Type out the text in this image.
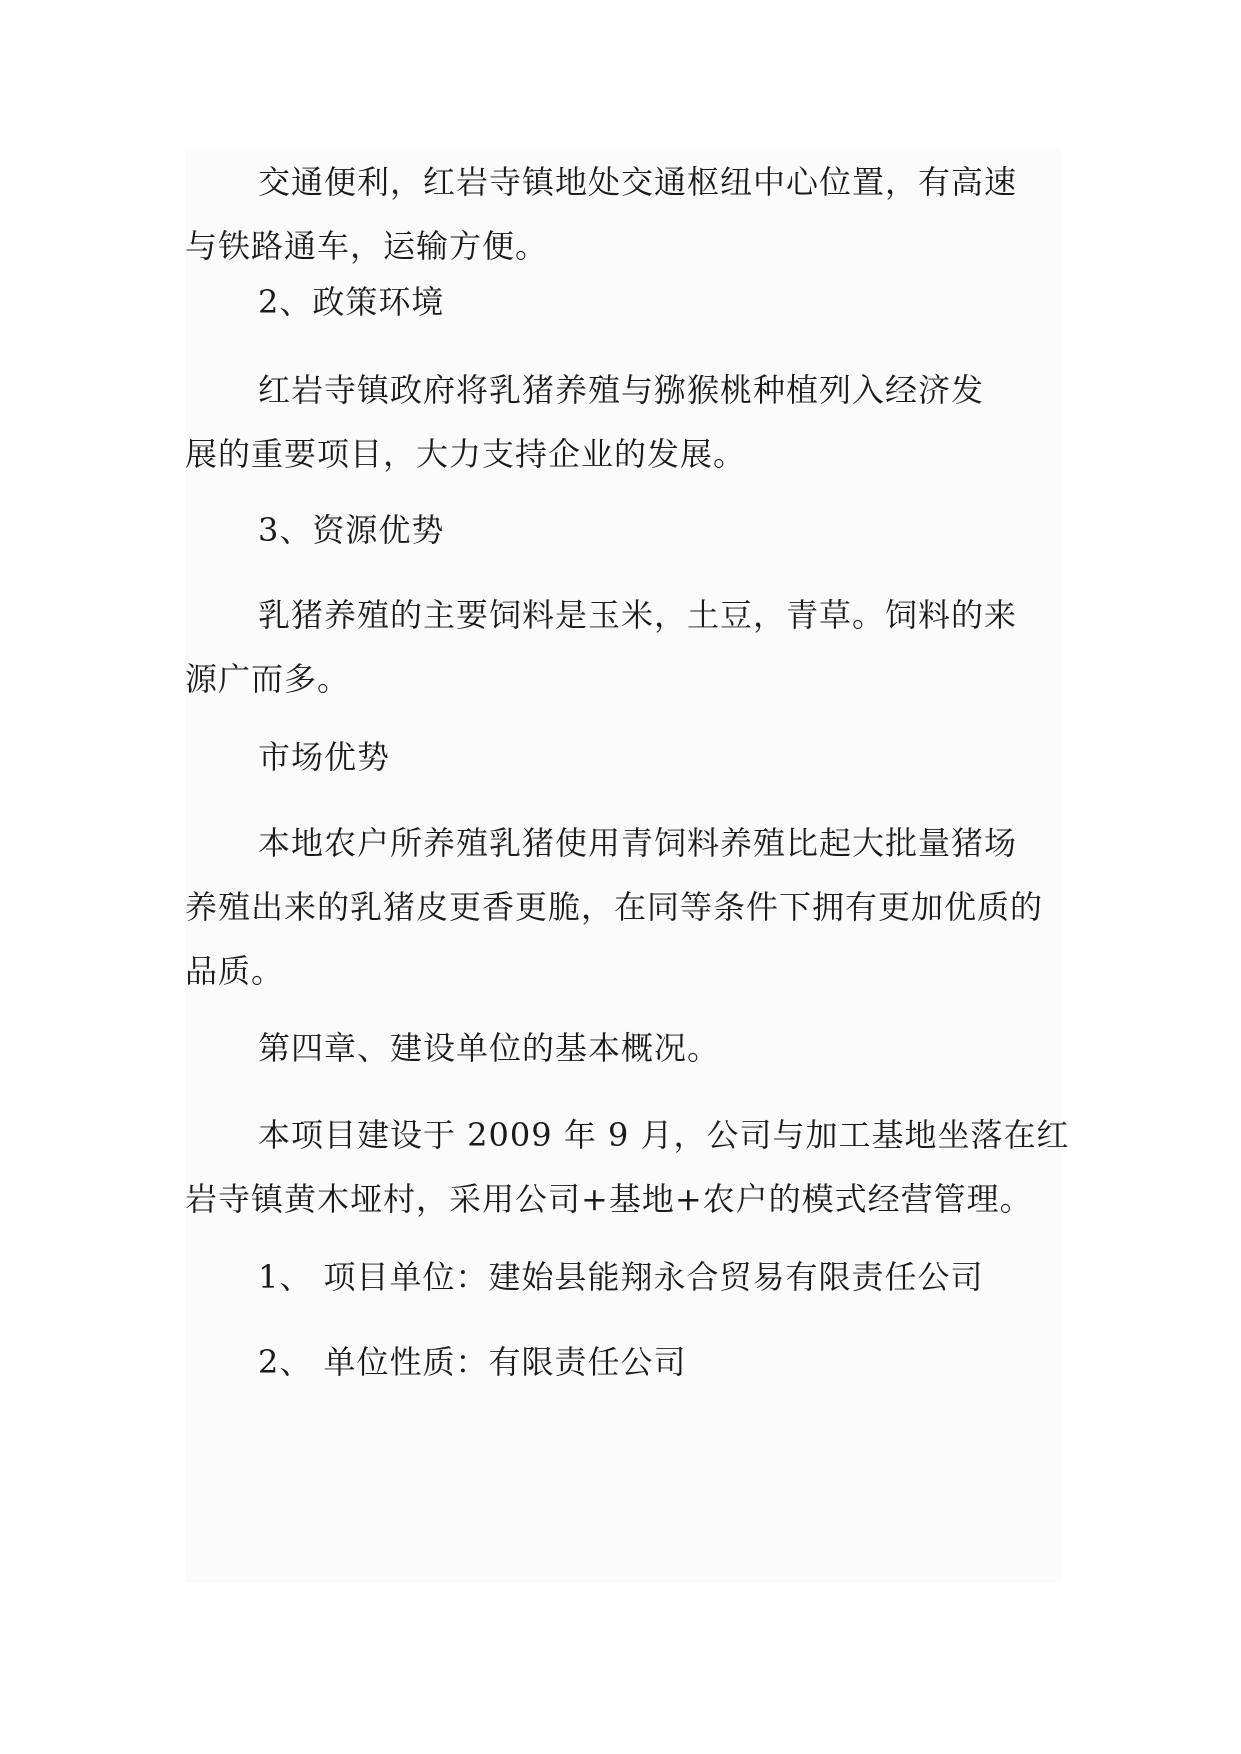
交通便利，红岩寺镇地处交通枢纽中心位置，有高速
与铁路通车，运输方便。
2、政策环境
红岩寺镇政府将乳猪养殖与猕猴桃种植列入经济发
展的重要项目，大力支持企业的发展。
3、资源优势
乳猪养殖的主要饲料是玉米，土豆，青草。饲料的来
源广而多。
市场优势
本地农户所养殖乳猪使用青饲料养殖比起大批量猪场
养殖出来的乳猪皮更香更脆，在同等条件下拥有更加优质的
品质。
第四章、建设单位的基本概况。
本项目建设于 2009 年 9 月，公司与加工基地坐落在红
岩寺镇黄木垭村，采用公司+基地+农户的模式经营管理。
1、 项目单位：建始县能翔永合贸易有限责任公司
2、 单位性质：有限责任公司
